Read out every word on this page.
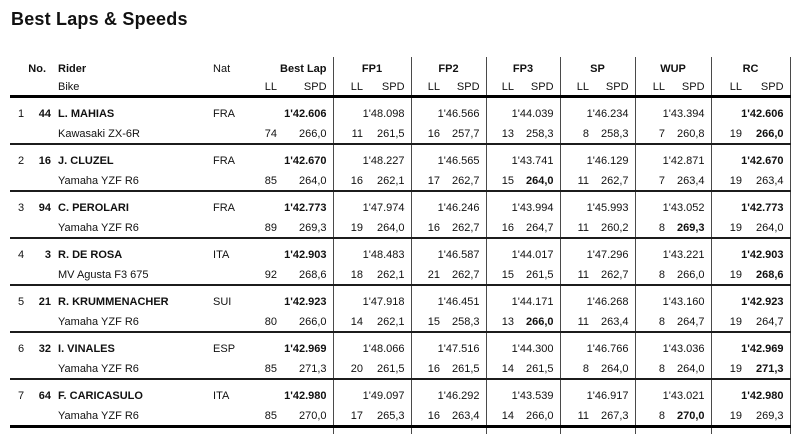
Best Laps & Speeds
No.		Rider	Nat	Best Lap		FP1		FP2		FP3		SP		WUP		RC	
		Bike		LL	SPD	LL	SPD	LL	SPD	LL	SPD	LL	SPD	LL	SPD	LL	SPD
1	44	L. MAHIAS	FRA	1'42.606		1'48.098		1'46.566		1'44.039		1'46.234		1'43.394		1'42.606	
		Kawasaki ZX-6R		74	266,0	11	261,5	16	257,7	13	258,3	8	258,3	7	260,8	19	266,0
2	16	J. CLUZEL	FRA	1'42.670		1'48.227		1'46.565		1'43.741		1'46.129		1'42.871		1'42.670	
		Yamaha YZF R6		85	264,0	16	262,1	17	262,7	15	264,0	11	262,7	7	263,4	19	263,4
3	94	C. PEROLARI	FRA	1'42.773		1'47.974		1'46.246		1'43.994		1'45.993		1'43.052		1'42.773	
		Yamaha YZF R6		89	269,3	19	264,0	16	262,7	16	264,7	11	260,2	8	269,3	19	264,0
4	3	R. DE ROSA	ITA	1'42.903		1'48.483		1'46.587		1'44.017		1'47.296		1'43.221		1'42.903	
		MV Agusta F3 675		92	268,6	18	262,1	21	262,7	15	261,5	11	262,7	8	266,0	19	268,6
5	21	R. KRUMMENACHER	SUI	1'42.923		1'47.918		1'46.451		1'44.171		1'46.268		1'43.160		1'42.923	
		Yamaha YZF R6		80	266,0	14	262,1	15	258,3	13	266,0	11	263,4	8	264,7	19	264,7
6	32	I. VINALES	ESP	1'42.969		1'48.066		1'47.516		1'44.300		1'46.766		1'43.036		1'42.969	
		Yamaha YZF R6		85	271,3	20	261,5	16	261,5	14	261,5	8	264,0	8	264,0	19	271,3
7	64	F. CARICASULO	ITA	1'42.980		1'49.097		1'46.292		1'43.539		1'46.917		1'43.021		1'42.980	
		Yamaha YZF R6		85	270,0	17	265,3	16	263,4	14	266,0	11	267,3	8	270,0	19	269,3
